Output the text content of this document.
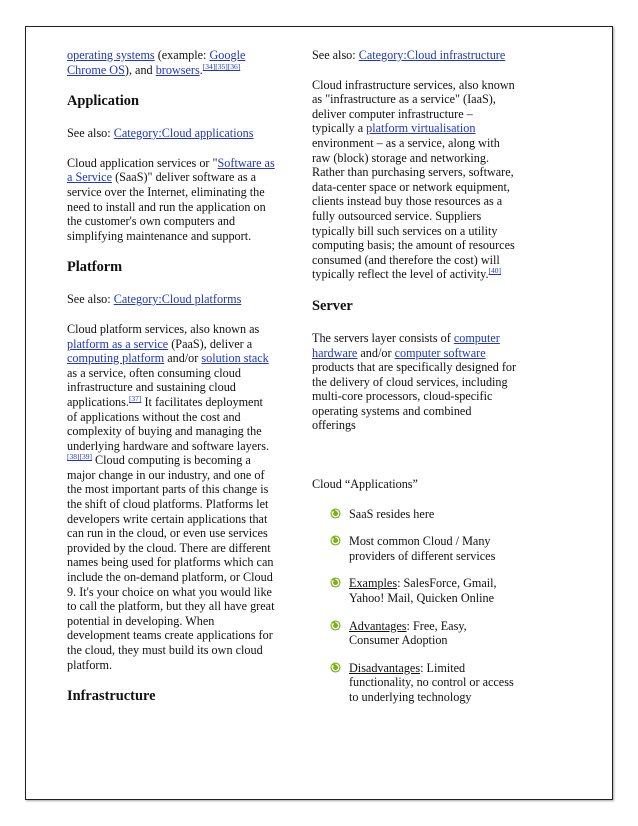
operating systems (example: Google Chrome OS), and browsers.[34][35][36]

Application

See also: Category:Cloud applications

Cloud application services or "Software as a Service (SaaS)" deliver software as a service over the Internet, eliminating the need to install and run the application on the customer's own computers and simplifying maintenance and support.

Platform

See also: Category:Cloud platforms

Cloud platform services, also known as platform as a service (PaaS), deliver a computing platform and/or solution stack as a service, often consuming cloud infrastructure and sustaining cloud applications.[37] It facilitates deployment of applications without the cost and complexity of buying and managing the underlying hardware and software layers.[38][39] Cloud computing is becoming a major change in our industry, and one of the most important parts of this change is the shift of cloud platforms. Platforms let developers write certain applications that can run in the cloud, or even use services provided by the cloud. There are different names being used for platforms which can include the on-demand platform, or Cloud 9. It's your choice on what you would like to call the platform, but they all have great potential in developing. When development teams create applications for the cloud, they must build its own cloud platform.

Infrastructure

See also: Category:Cloud infrastructure

Cloud infrastructure services, also known as "infrastructure as a service" (IaaS), deliver computer infrastructure – typically a platform virtualisation environment – as a service, along with raw (block) storage and networking. Rather than purchasing servers, software, data-center space or network equipment, clients instead buy those resources as a fully outsourced service. Suppliers typically bill such services on a utility computing basis; the amount of resources consumed (and therefore the cost) will typically reflect the level of activity.[40]

Server

The servers layer consists of computer hardware and/or computer software products that are specifically designed for the delivery of cloud services, including multi-core processors, cloud-specific operating systems and combined offerings

Cloud “Applications”

SaaS resides here
Most common Cloud / Many providers of different services
Examples: SalesForce, Gmail, Yahoo! Mail, Quicken Online
Advantages: Free, Easy, Consumer Adoption
Disadvantages: Limited functionality, no control or access to underlying technology
